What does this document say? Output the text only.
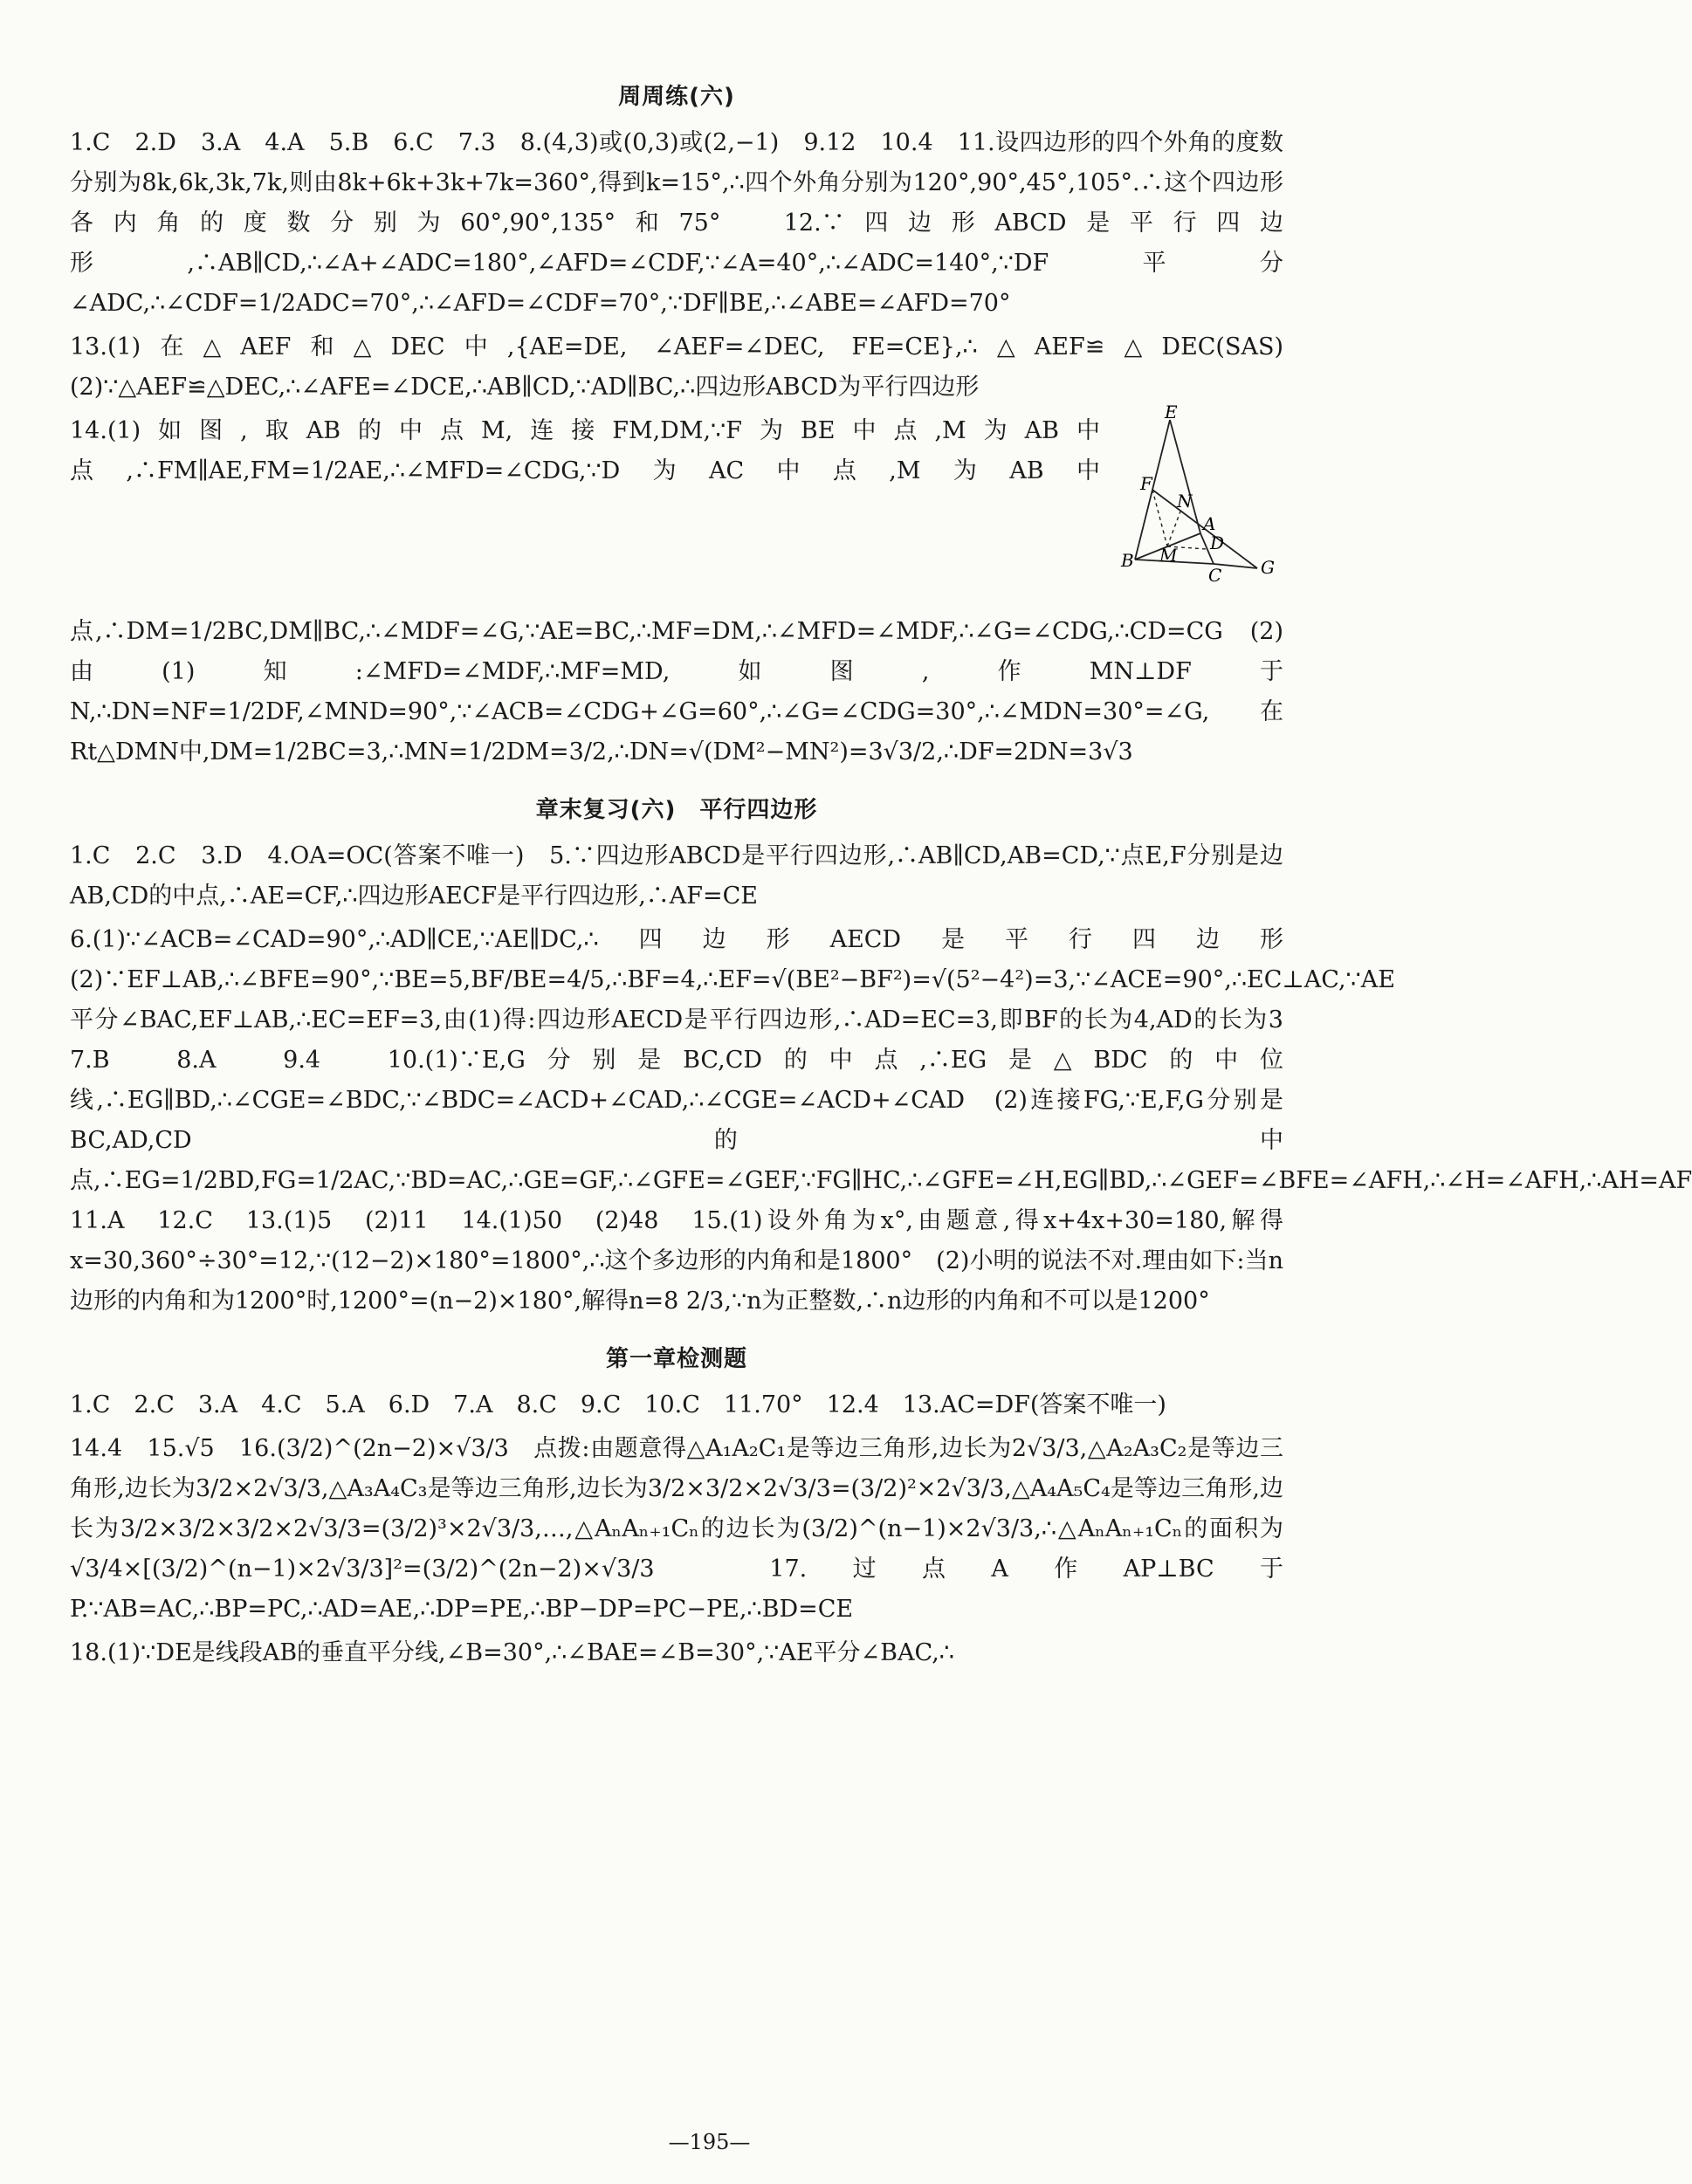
周周练(六)

1.C　2.D　3.A　4.A　5.B　6.C　7.3　8.(4,3)或(0,3)或(2,−1)　9.12　10.4　11.设四边形的四个外角的度数分别为8k,6k,3k,7k,则由8k+6k+3k+7k=360°,得到k=15°,∴四个外角分别为120°,90°,45°,105°.∴这个四边形各内角的度数分别为60°,90°,135°和75°　12.∵四边形ABCD是平行四边形,∴AB∥CD,∴∠A+∠ADC=180°,∠AFD=∠CDF,∵∠A=40°,∴∠ADC=140°,∵DF平分∠ADC,∴∠CDF=1/2ADC=70°,∴∠AFD=∠CDF=70°,∵DF∥BE,∴∠ABE=∠AFD=70°

13.(1)在△AEF和△DEC中,{AE=DE, ∠AEF=∠DEC, FE=CE},∴△AEF≌△DEC(SAS)　(2)∵△AEF≌△DEC,∴∠AFE=∠DCE,∴AB∥CD,∵AD∥BC,∴四边形ABCD为平行四边形

E
F
N
A
D
M
B
C G

14.(1)如图,取AB的中点M,连接FM,DM,∵F为BE中点,M为AB中点,∴FM∥AE,FM=1/2AE,∴∠MFD=∠CDG,∵D为AC中点,M为AB中点,∴DM=1/2BC,DM∥BC,∴∠MDF=∠G,∵AE=BC,∴MF=DM,∴∠MFD=∠MDF,∴∠G=∠CDG,∴CD=CG　(2)由(1)知:∠MFD=∠MDF,∴MF=MD,如图,作MN⊥DF于N,∴DN=NF=1/2DF,∠MND=90°,∵∠ACB=∠CDG+∠G=60°,∴∠G=∠CDG=30°,∴∠MDN=30°=∠G,在Rt△DMN中,DM=1/2BC=3,∴MN=1/2DM=3/2,∴DN=√(DM²−MN²)=3√3/2,∴DF=2DN=3√3

章末复习(六)　平行四边形

1.C　2.C　3.D　4.OA=OC(答案不唯一)　5.∵四边形ABCD是平行四边形,∴AB∥CD,AB=CD,∵点E,F分别是边AB,CD的中点,∴AE=CF,∴四边形AECF是平行四边形,∴AF=CE

6.(1)∵∠ACB=∠CAD=90°,∴AD∥CE,∵AE∥DC,∴四边形AECD是平行四边形　(2)∵EF⊥AB,∴∠BFE=90°,∵BE=5,BF/BE=4/5,∴BF=4,∴EF=√(BE²−BF²)=√(5²−4²)=3,∵∠ACE=90°,∴EC⊥AC,∵AE平分∠BAC,EF⊥AB,∴EC=EF=3,由(1)得:四边形AECD是平行四边形,∴AD=EC=3,即BF的长为4,AD的长为3　7.B　8.A　9.4　10.(1)∵E,G分别是BC,CD的中点,∴EG是△BDC的中位线,∴EG∥BD,∴∠CGE=∠BDC,∵∠BDC=∠ACD+∠CAD,∴∠CGE=∠ACD+∠CAD　(2)连接FG,∵E,F,G分别是BC,AD,CD的中点,∴EG=1/2BD,FG=1/2AC,∵BD=AC,∴GE=GF,∴∠GFE=∠GEF,∵FG∥HC,∴∠GFE=∠H,EG∥BD,∴∠GEF=∠BFE=∠AFH,∴∠H=∠AFH,∴AH=AF　11.A　12.C　13.(1)5　(2)11　14.(1)50　(2)48　15.(1)设外角为x°,由题意,得x+4x+30=180,解得x=30,360°÷30°=12,∵(12−2)×180°=1800°,∴这个多边形的内角和是1800°　(2)小明的说法不对.理由如下:当n边形的内角和为1200°时,1200°=(n−2)×180°,解得n=8 2/3,∵n为正整数,∴n边形的内角和不可以是1200°

第一章检测题

1.C　2.C　3.A　4.C　5.A　6.D　7.A　8.C　9.C　10.C　11.70°　12.4　13.AC=DF(答案不唯一)

14.4　15.√5　16.(3/2)^(2n−2)×√3/3　点拨:由题意得△A₁A₂C₁是等边三角形,边长为2√3/3,△A₂A₃C₂是等边三角形,边长为3/2×2√3/3,△A₃A₄C₃是等边三角形,边长为3/2×3/2×2√3/3=(3/2)²×2√3/3,△A₄A₅C₄是等边三角形,边长为3/2×3/2×3/2×2√3/3=(3/2)³×2√3/3,…,△AₙAₙ₊₁Cₙ的边长为(3/2)^(n−1)×2√3/3,∴△AₙAₙ₊₁Cₙ的面积为√3/4×[(3/2)^(n−1)×2√3/3]²=(3/2)^(2n−2)×√3/3　17.过点A作AP⊥BC于P.∵AB=AC,∴BP=PC,∴AD=AE,∴DP=PE,∴BP−DP=PC−PE,∴BD=CE

18.(1)∵DE是线段AB的垂直平分线,∠B=30°,∴∠BAE=∠B=30°,∵AE平分∠BAC,∴

—195—
